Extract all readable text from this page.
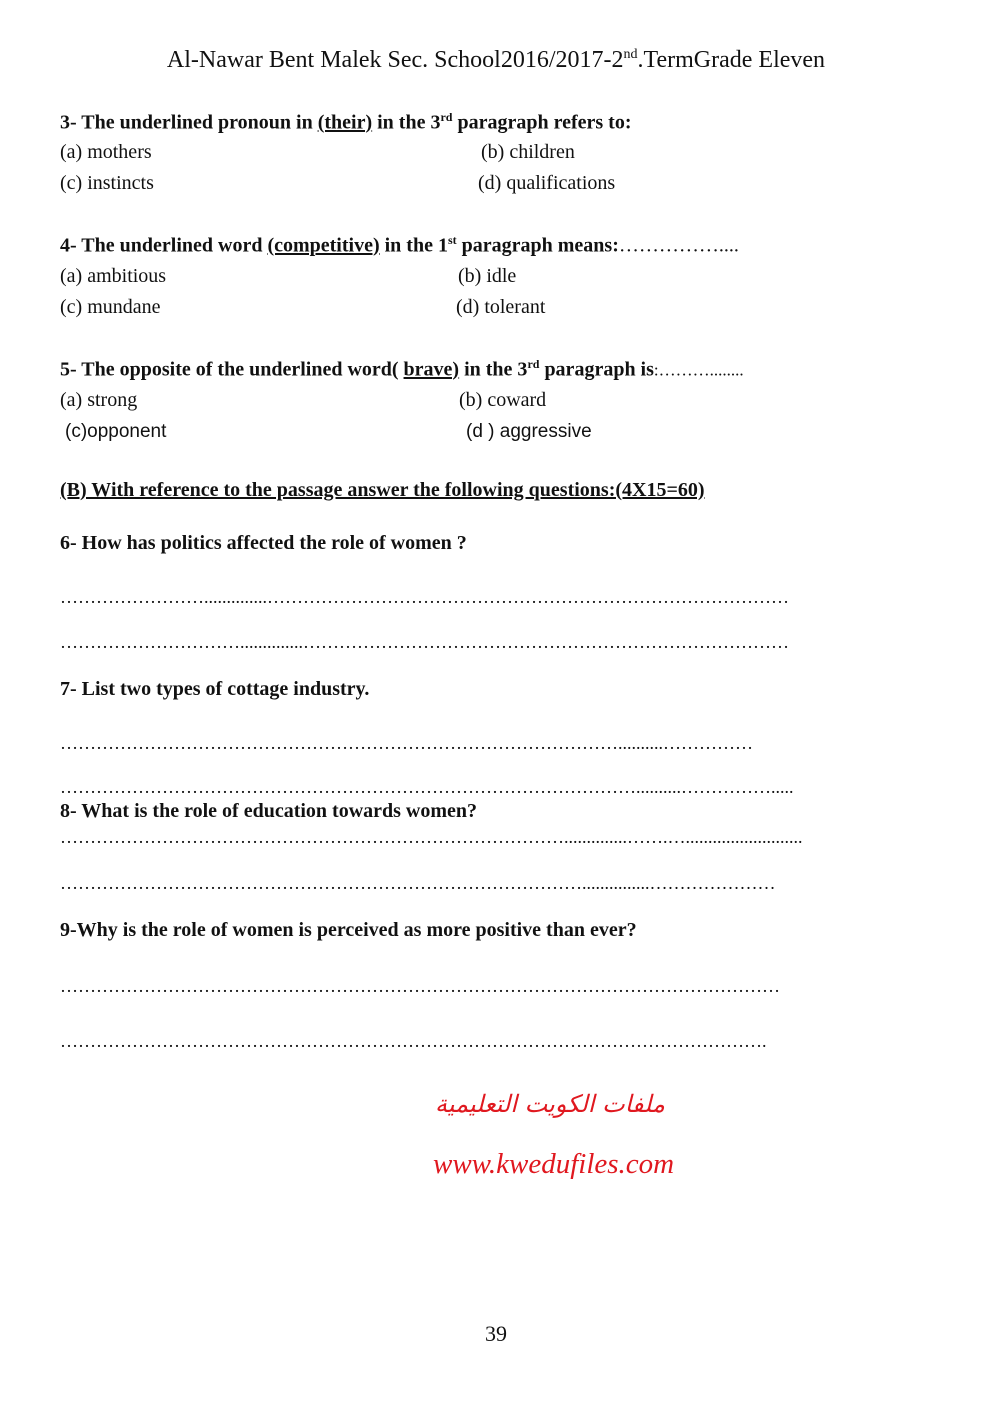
Al-Nawar Bent Malek Sec. School2016/2017-2nd.TermGrade Eleven
3- The underlined pronoun in (their) in the 3rd paragraph refers to:
(a) mothers	(b) children
(c) instincts	(d) qualifications
4- The underlined word (competitive) in the 1st paragraph means:……………....
(a) ambitious	(b) idle
(c) mundane	(d) tolerant
5- The opposite of the underlined word( brave) in the 3rd paragraph is:………........
(a) strong	(b) coward
(c)opponent	(d ) aggressive
(B) With reference to the passage answer the following questions:(4X15=60)
6- How has politics affected the role of women ?
……………………..............……………………………………………………………………………
…………………………..............………………………………………………………………………
7- List two types of cottage industry.
…………………………………………………………………………………..........……………
……………………………………………………………………………………..........…………….....
8- What is the role of education towards women?
…………………………………………………………………………..............…….…..........................
……………………………………………………………………………...............…………………
9-Why is the role of women is perceived as more positive than ever?
…………………………………………………………………………………………………………
……………………………………………………………………………………………………….
ملفات الكويت التعليمية
www.kwedufiles.com
39
